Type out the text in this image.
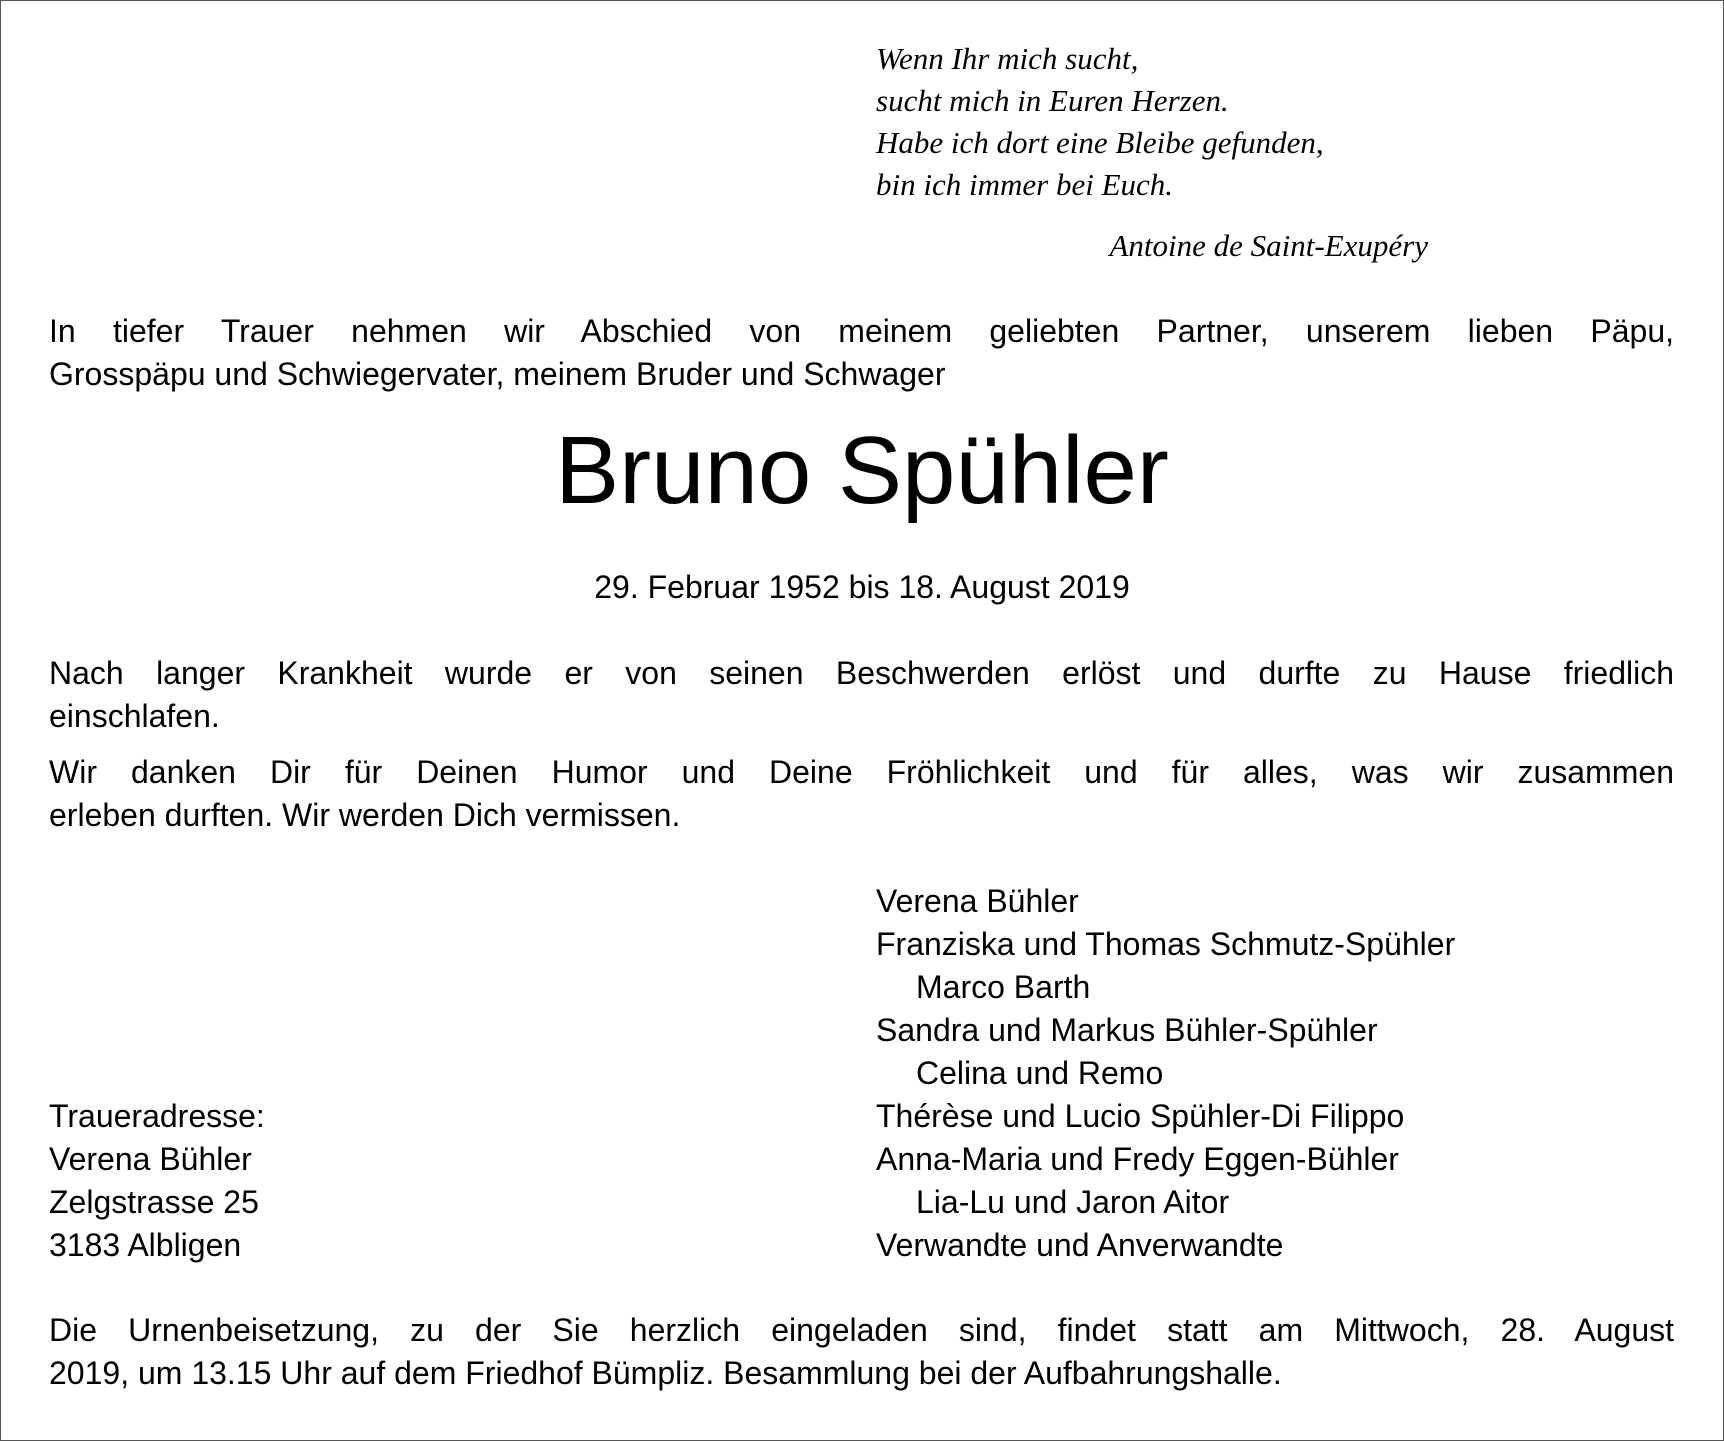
Wenn Ihr mich sucht,
sucht mich in Euren Herzen.
Habe ich dort eine Bleibe gefunden,
bin ich immer bei Euch.
Antoine de Saint-Exupéry
In tiefer Trauer nehmen wir Abschied von meinem geliebten Partner, unserem lieben Päpu,
Grosspäpu und Schwiegervater, meinem Bruder und Schwager
Bruno Spühler
29. Februar 1952 bis 18. August 2019
Nach langer Krankheit wurde er von seinen Beschwerden erlöst und durfte zu Hause friedlich
einschlafen.
Wir danken Dir für Deinen Humor und Deine Fröhlichkeit und für alles, was wir zusammen
erleben durften. Wir werden Dich vermissen.
Verena Bühler
Franziska und Thomas Schmutz-Spühler
Marco Barth
Sandra und Markus Bühler-Spühler
Celina und Remo
Thérèse und Lucio Spühler-Di Filippo
Anna-Maria und Fredy Eggen-Bühler
Lia-Lu und Jaron Aitor
Verwandte und Anverwandte
Traueradresse:
Verena Bühler
Zelgstrasse 25
3183 Albligen
Die Urnenbeisetzung, zu der Sie herzlich eingeladen sind, findet statt am Mittwoch, 28. August
2019, um 13.15 Uhr auf dem Friedhof Bümpliz. Besammlung bei der Aufbahrungshalle.
